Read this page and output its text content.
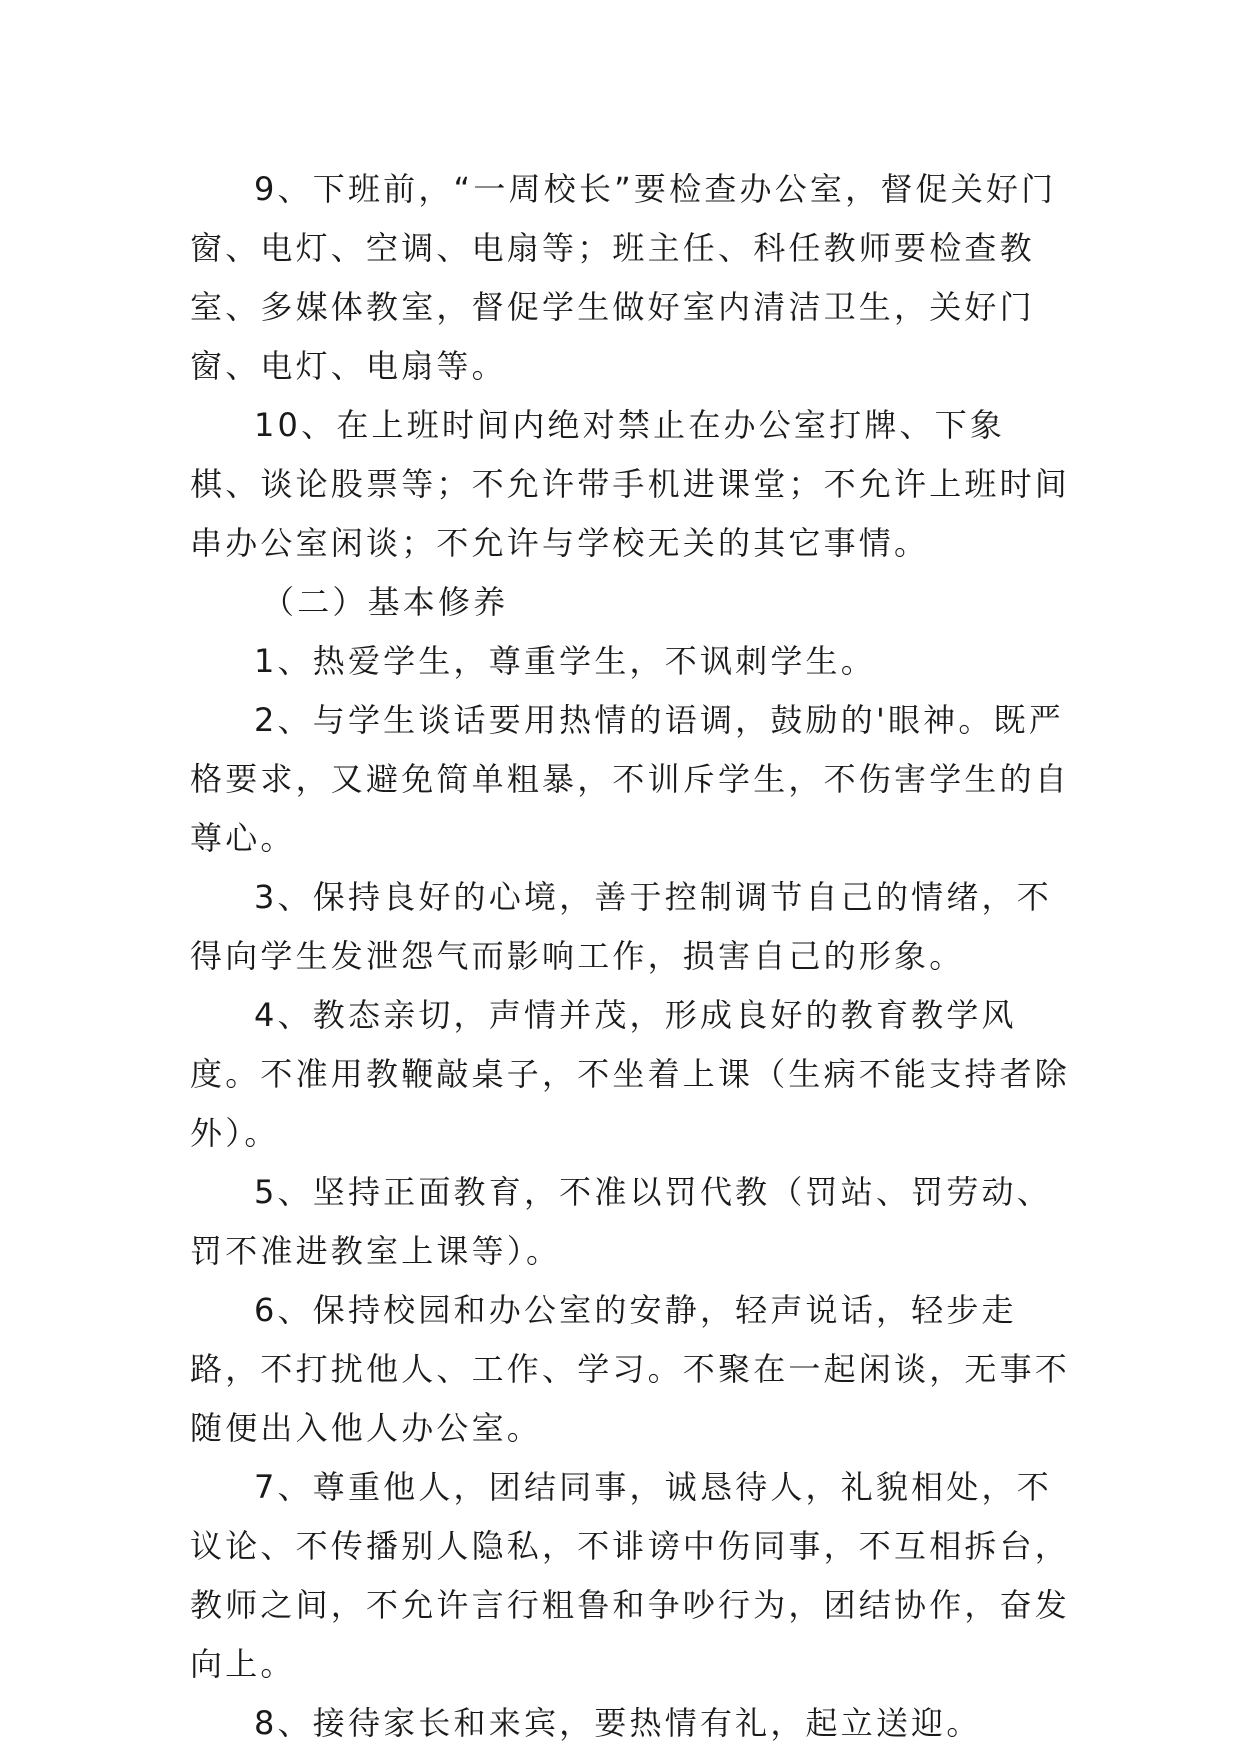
9、下班前，“一周校长”要检查办公室，督促关好门窗、电灯、空调、电扇等；班主任、科任教师要检查教室、多媒体教室，督促学生做好室内清洁卫生，关好门窗、电灯、电扇等。

10、在上班时间内绝对禁止在办公室打牌、下象棋、谈论股票等；不允许带手机进课堂；不允许上班时间串办公室闲谈；不允许与学校无关的其它事情。

（二）基本修养

1、热爱学生，尊重学生，不讽刺学生。

2、与学生谈话要用热情的语调，鼓励的'眼神。既严格要求，又避免简单粗暴，不训斥学生，不伤害学生的自尊心。

3、保持良好的心境，善于控制调节自己的情绪，不得向学生发泄怨气而影响工作，损害自己的形象。

4、教态亲切，声情并茂，形成良好的教育教学风度。不准用教鞭敲桌子，不坐着上课（生病不能支持者除外）。

5、坚持正面教育，不准以罚代教（罚站、罚劳动、罚不准进教室上课等）。

6、保持校园和办公室的安静，轻声说话，轻步走路，不打扰他人、工作、学习。不聚在一起闲谈，无事不随便出入他人办公室。

7、尊重他人，团结同事，诚恳待人，礼貌相处，不议论、不传播别人隐私，不诽谤中伤同事，不互相拆台，教师之间，不允许言行粗鲁和争吵行为，团结协作，奋发向上。

8、接待家长和来宾，要热情有礼，起立送迎。
